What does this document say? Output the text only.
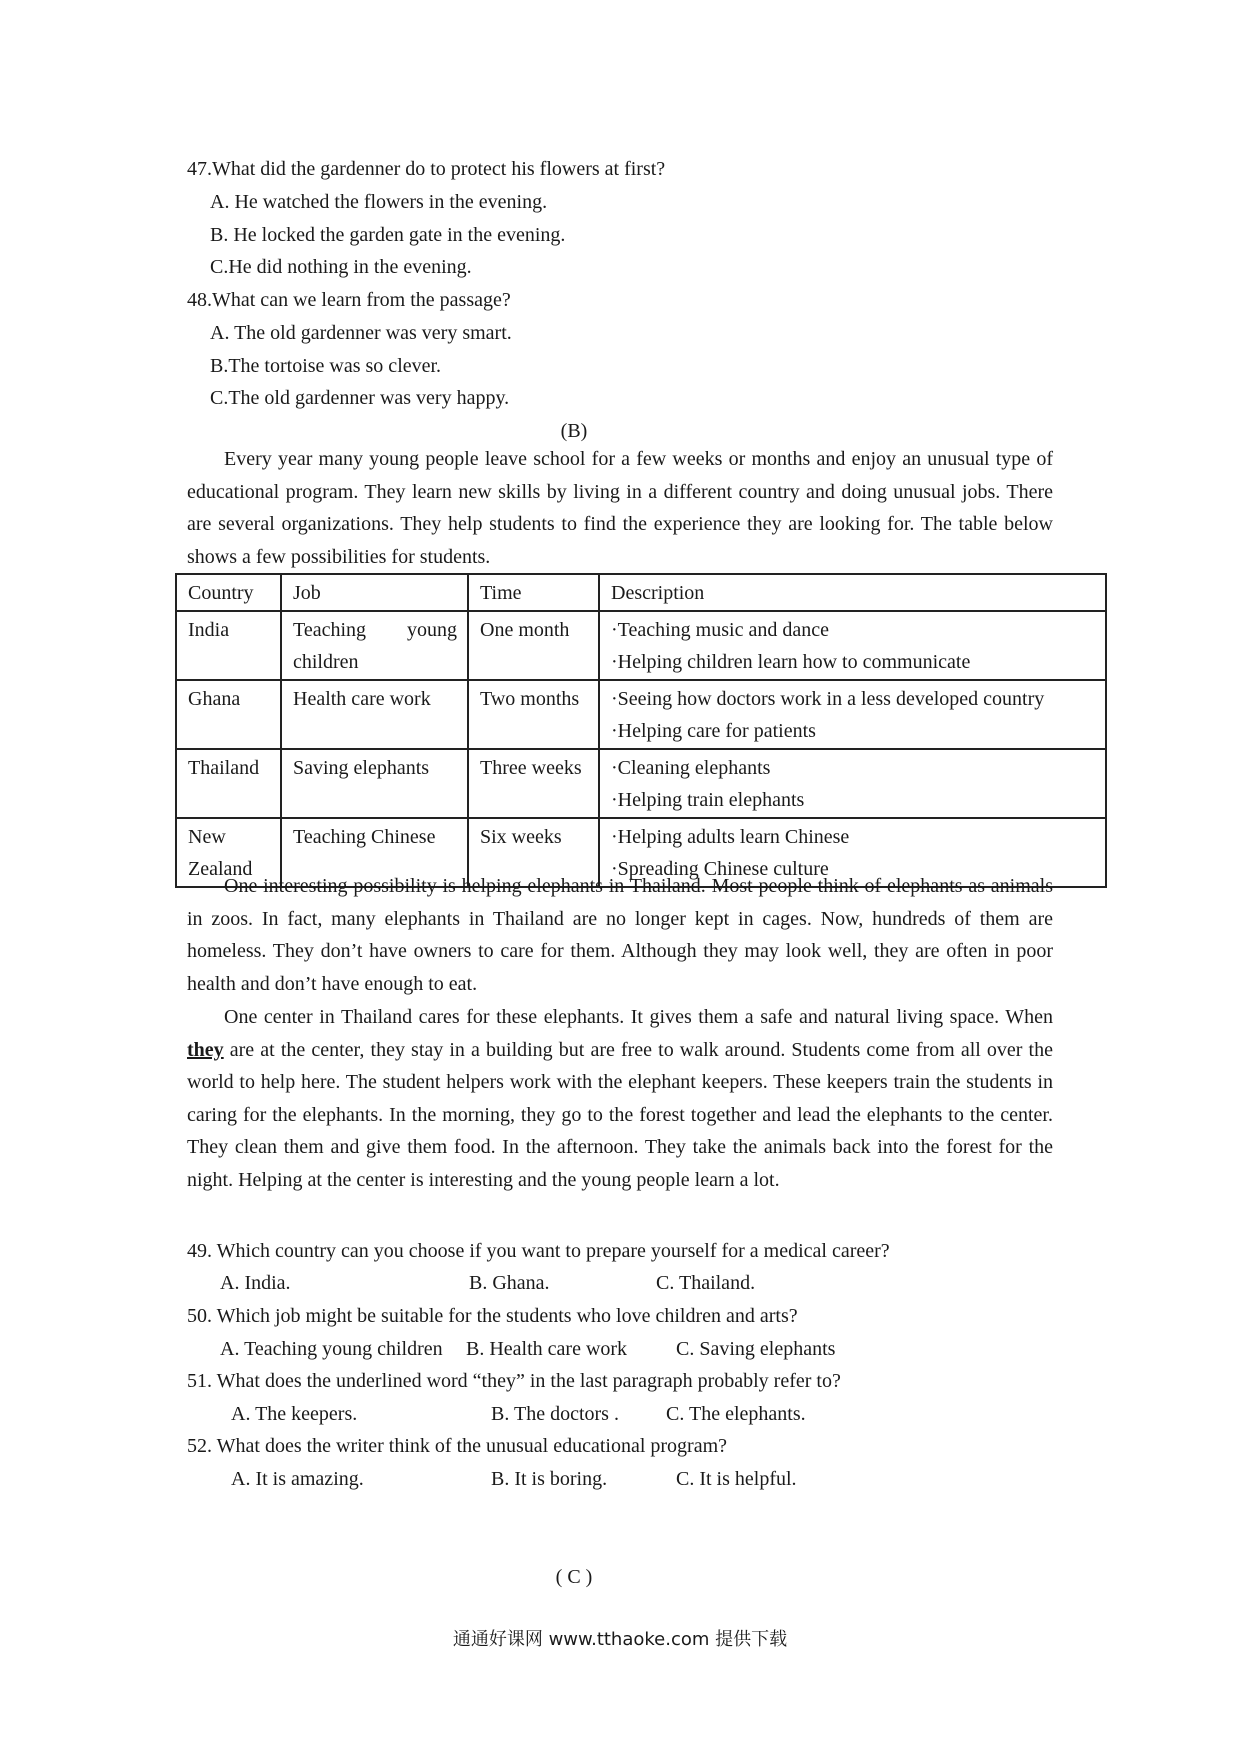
47.What did the gardenner do to protect his flowers at first?
A. He watched the flowers in the evening.
B. He locked the garden gate in the evening.
C.He did nothing in the evening.
48.What can we learn from the passage?
A. The old gardenner was very smart.
B.The tortoise was so clever.
C.The old gardenner was very happy.
(B)

Every year many young people leave school for a few weeks or months and enjoy an unusual type of educational program. They learn new skills by living in a different country and doing unusual jobs. There are several organizations. They help students to find the experience they are looking for. The table below shows a few possibilities for students.

Country	Job	Time	Description
India	Teaching young children	One month	· Teaching music and dance
· Helping children learn how to communicate

Ghana	Health care work	Two months	· Seeing how doctors work in a less developed country
· Helping care for patients

Thailand	Saving elephants	Three weeks	· Cleaning elephants
· Helping train elephants

New Zealand	Teaching Chinese	Six weeks	· Helping adults learn Chinese
· Spreading Chinese culture

One interesting possibility is helping elephants in Thailand. Most people think of elephants as animals in zoos. In fact, many elephants in Thailand are no longer kept in cages. Now, hundreds of them are homeless. They don’t have owners to care for them. Although they may look well, they are often in poor health and don’t have enough to eat.

One center in Thailand cares for these elephants. It gives them a safe and natural living space. When they are at the center, they stay in a building but are free to walk around. Students come from all over the world to help here. The student helpers work with the elephant keepers. These keepers train the students in caring for the elephants. In the morning, they go to the forest together and lead the elephants to the center. They clean them and give them food. In the afternoon. They take the animals back into the forest for the night. Helping at the center is interesting and the young people learn a lot.

49. Which country can you choose if you want to prepare yourself for a medical career?
A. India.	B. Ghana.	C. Thailand.
50. Which job might be suitable for the students who love children and arts?
A. Teaching young children B. Health care work C. Saving elephants
51. What does the underlined word “they” in the last paragraph probably refer to?
A. The keepers.	B. The doctors . C. The elephants.
52. What does the writer think of the unusual educational program?
A. It is amazing.	B. It is boring.	C. It is helpful.
( C )
通通好课网 www.tthaoke.com 提供下载
